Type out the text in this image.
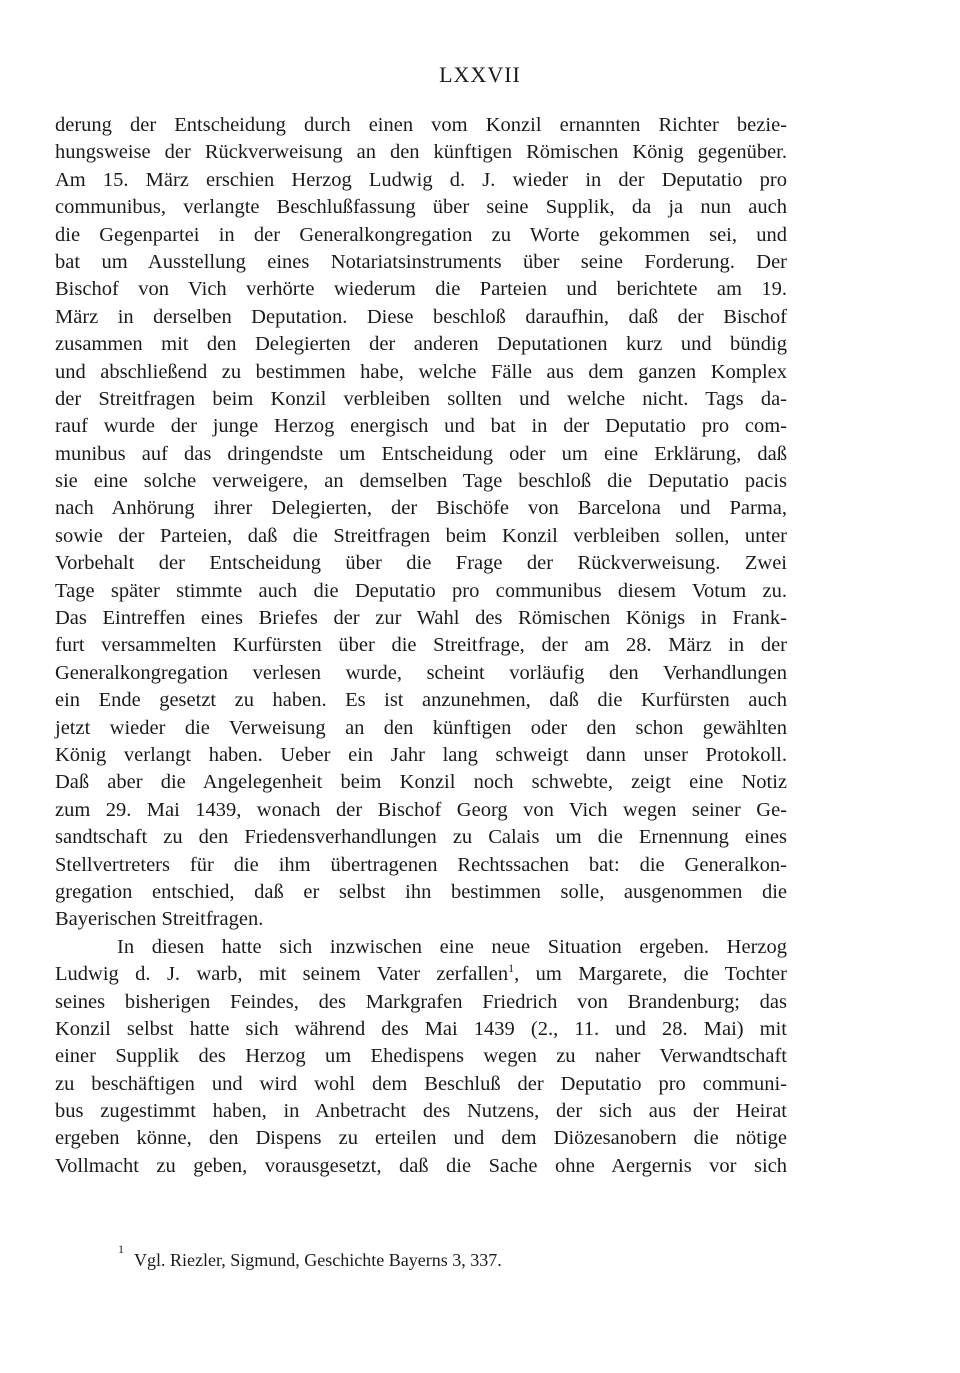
LXXVII
derung der Entscheidung durch einen vom Konzil ernannten Richter bezie-
hungsweise der Rückverweisung an den künftigen Römischen König gegenüber.
Am 15. März erschien Herzog Ludwig d. J. wieder in der Deputatio pro
communibus, verlangte Beschlußfassung über seine Supplik, da ja nun auch
die Gegenpartei in der Generalkongregation zu Worte gekommen sei, und
bat um Ausstellung eines Notariatsinstruments über seine Forderung. Der
Bischof von Vich verhörte wiederum die Parteien und berichtete am 19.
März in derselben Deputation. Diese beschloß daraufhin, daß der Bischof
zusammen mit den Delegierten der anderen Deputationen kurz und bündig
und abschließend zu bestimmen habe, welche Fälle aus dem ganzen Komplex
der Streitfragen beim Konzil verbleiben sollten und welche nicht. Tags da-
rauf wurde der junge Herzog energisch und bat in der Deputatio pro com-
munibus auf das dringendste um Entscheidung oder um eine Erklärung, daß
sie eine solche verweigere, an demselben Tage beschloß die Deputatio pacis
nach Anhörung ihrer Delegierten, der Bischöfe von Barcelona und Parma,
sowie der Parteien, daß die Streitfragen beim Konzil verbleiben sollen, unter
Vorbehalt der Entscheidung über die Frage der Rückverweisung. Zwei
Tage später stimmte auch die Deputatio pro communibus diesem Votum zu.
Das Eintreffen eines Briefes der zur Wahl des Römischen Königs in Frank-
furt versammelten Kurfürsten über die Streitfrage, der am 28. März in der
Generalkongregation verlesen wurde, scheint vorläufig den Verhandlungen
ein Ende gesetzt zu haben. Es ist anzunehmen, daß die Kurfürsten auch
jetzt wieder die Verweisung an den künftigen oder den schon gewählten
König verlangt haben. Ueber ein Jahr lang schweigt dann unser Protokoll.
Daß aber die Angelegenheit beim Konzil noch schwebte, zeigt eine Notiz
zum 29. Mai 1439, wonach der Bischof Georg von Vich wegen seiner Ge-
sandtschaft zu den Friedensverhandlungen zu Calais um die Ernennung eines
Stellvertreters für die ihm übertragenen Rechtssachen bat: die Generalkon-
gregation entschied, daß er selbst ihn bestimmen solle, ausgenommen die
Bayerischen Streitfragen.
In diesen hatte sich inzwischen eine neue Situation ergeben. Herzog
Ludwig d. J. warb, mit seinem Vater zerfallen$^1$, um Margarete, die Tochter
seines bisherigen Feindes, des Markgrafen Friedrich von Brandenburg; das
Konzil selbst hatte sich während des Mai 1439 (2., 11. und 28. Mai) mit
einer Supplik des Herzog um Ehedispens wegen zu naher Verwandtschaft
zu beschäftigen und wird wohl dem Beschluß der Deputatio pro communi-
bus zugestimmt haben, in Anbetracht des Nutzens, der sich aus der Heirat
ergeben könne, den Dispens zu erteilen und dem Diözesanobern die nötige
Vollmacht zu geben, vorausgesetzt, daß die Sache ohne Aergernis vor sich
$^1$Vgl. Riezler, Sigmund, Geschichte Bayerns 3, 337.
